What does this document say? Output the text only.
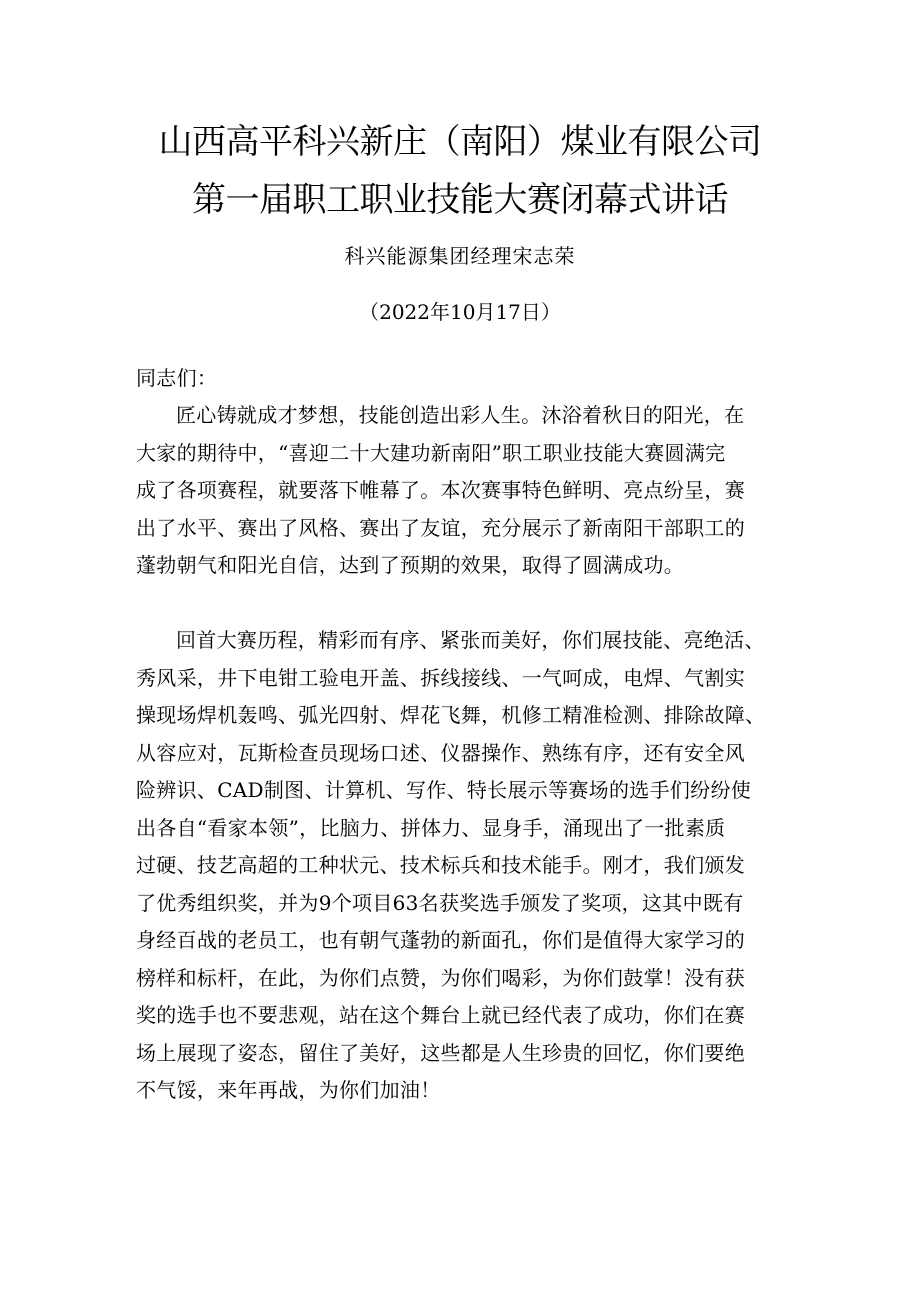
山西高平科兴新庄（南阳）煤业有限公司
第一届职工职业技能大赛闭幕式讲话
科兴能源集团经理宋志荣
（2022年10月17日）
同志们：
匠心铸就成才梦想，技能创造出彩人生。沐浴着秋日的阳光，在
大家的期待中，“喜迎二十大建功新南阳”职工职业技能大赛圆满完
成了各项赛程，就要落下帷幕了。本次赛事特色鲜明、亮点纷呈，赛
出了水平、赛出了风格、赛出了友谊，充分展示了新南阳干部职工的
蓬勃朝气和阳光自信，达到了预期的效果，取得了圆满成功。
回首大赛历程，精彩而有序、紧张而美好，你们展技能、亮绝活、
秀风采，井下电钳工验电开盖、拆线接线、一气呵成，电焊、气割实
操现场焊机轰鸣、弧光四射、焊花飞舞，机修工精准检测、排除故障、
从容应对，瓦斯检查员现场口述、仪器操作、熟练有序，还有安全风
险辨识、CAD制图、计算机、写作、特长展示等赛场的选手们纷纷使
出各自“看家本领”，比脑力、拼体力、显身手，涌现出了一批素质
过硬、技艺高超的工种状元、技术标兵和技术能手。刚才，我们颁发
了优秀组织奖，并为9个项目63名获奖选手颁发了奖项，这其中既有
身经百战的老员工，也有朝气蓬勃的新面孔，你们是值得大家学习的
榜样和标杆，在此，为你们点赞，为你们喝彩，为你们鼓掌！没有获
奖的选手也不要悲观，站在这个舞台上就已经代表了成功，你们在赛
场上展现了姿态，留住了美好，这些都是人生珍贵的回忆，你们要绝
不气馁，来年再战，为你们加油！
